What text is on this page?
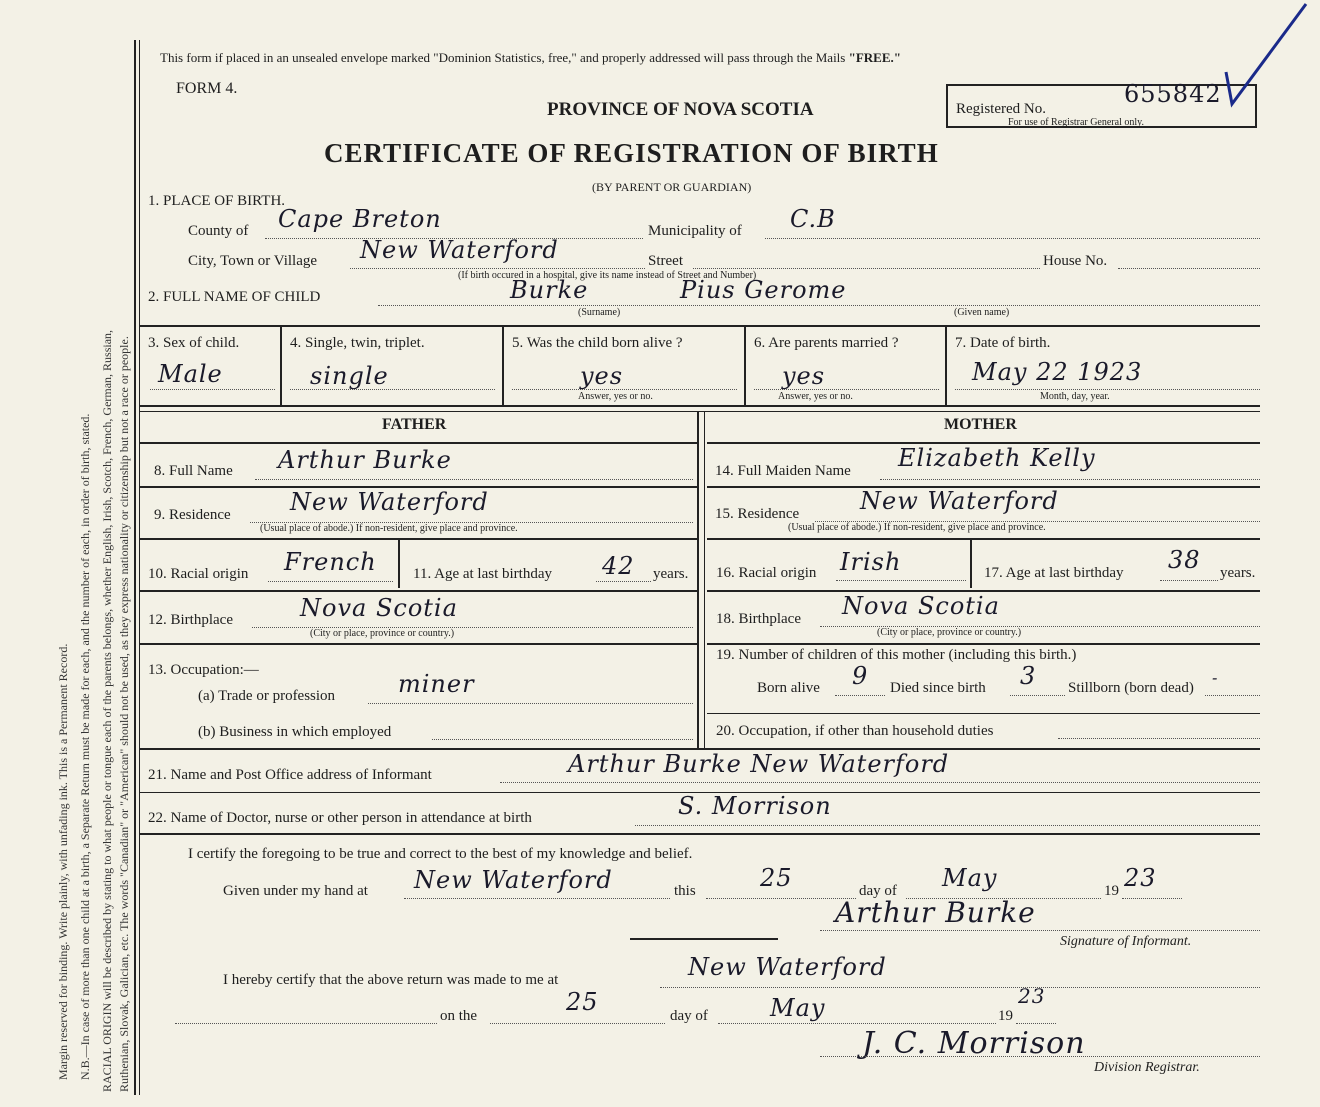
Margin reserved for binding. Write plainly, with unfading ink. This is a Permanent Record. N.B.—In case of more than one child at a birth, a Separate Return must be made for each, and the number of each, in order of birth, stated. RACIAL ORIGIN will be described by stating to what people or tongue each of the parents belongs, whether English, Irish, Scotch, French, German, Russian, Ruthenian, Slovak, Galician, etc. The words "Canadian" or "American" should not be used, as they express nationality or citizenship but not a race or people.
This form if placed in an unsealed envelope marked "Dominion Statistics, free," and properly addressed will pass through the Mails "FREE."
FORM 4.
PROVINCE OF NOVA SCOTIA
CERTIFICATE OF REGISTRATION OF BIRTH
(BY PARENT OR GUARDIAN)
Registered No.
655842
For use of Registrar General only.
1. PLACE OF BIRTH.
County of Cape Breton	Municipality of C.B
City, Town or Village New Waterford	Street	House No.
(If birth occured in a hospital, give its name instead of Street and Number)
2. FULL NAME OF CHILD	Burke	Pius Gerome
(Surname)	(Given name)
3. Sex of child.
Male
4. Single, twin, triplet.
single
5. Was the child born alive ?
yes
Answer, yes or no.
6. Are parents married ?
yes
Answer, yes or no.
7. Date of birth.
May 22 1923
Month, day, year.
FATHER	MOTHER
8. Full Name Arthur Burke
9. Residence New Waterford
(Usual place of abode.) If non-resident, give place and province.
10. Racial origin French 11. Age at last birthday 42 years.
12. Birthplace	Nova Scotia
(City or place, province or country.)
13. Occupation:—
(a) Trade or profession	miner
(b) Business in which employed
14. Full Maiden Name Elizabeth Kelly
15. Residence	New Waterford
(Usual place of abode.) If non-resident, give place and province.
16. Racial origin Irish	17. Age at last birthday 38 years.
18. Birthplace Nova Scotia
(City or place, province or country.)
19. Number of children of this mother (including this birth.)
Born alive 9 Died since birth 3 Stillborn (born dead)
-
20. Occupation, if other than household duties
21. Name and Post Office address of Informant	Arthur Burke New Waterford
22. Name of Doctor, nurse or other person in attendance at birth	S. Morrison
I certify the foregoing to be true and correct to the best of my knowledge and belief.
Given under my hand at New Waterford	this	25	day of May	19 23
Arthur Burke
Signature of Informant.
I hereby certify that the above return was made to me at	New Waterford
on the	25	day of	May	19
23
J. C. Morrison
Division Registrar.
